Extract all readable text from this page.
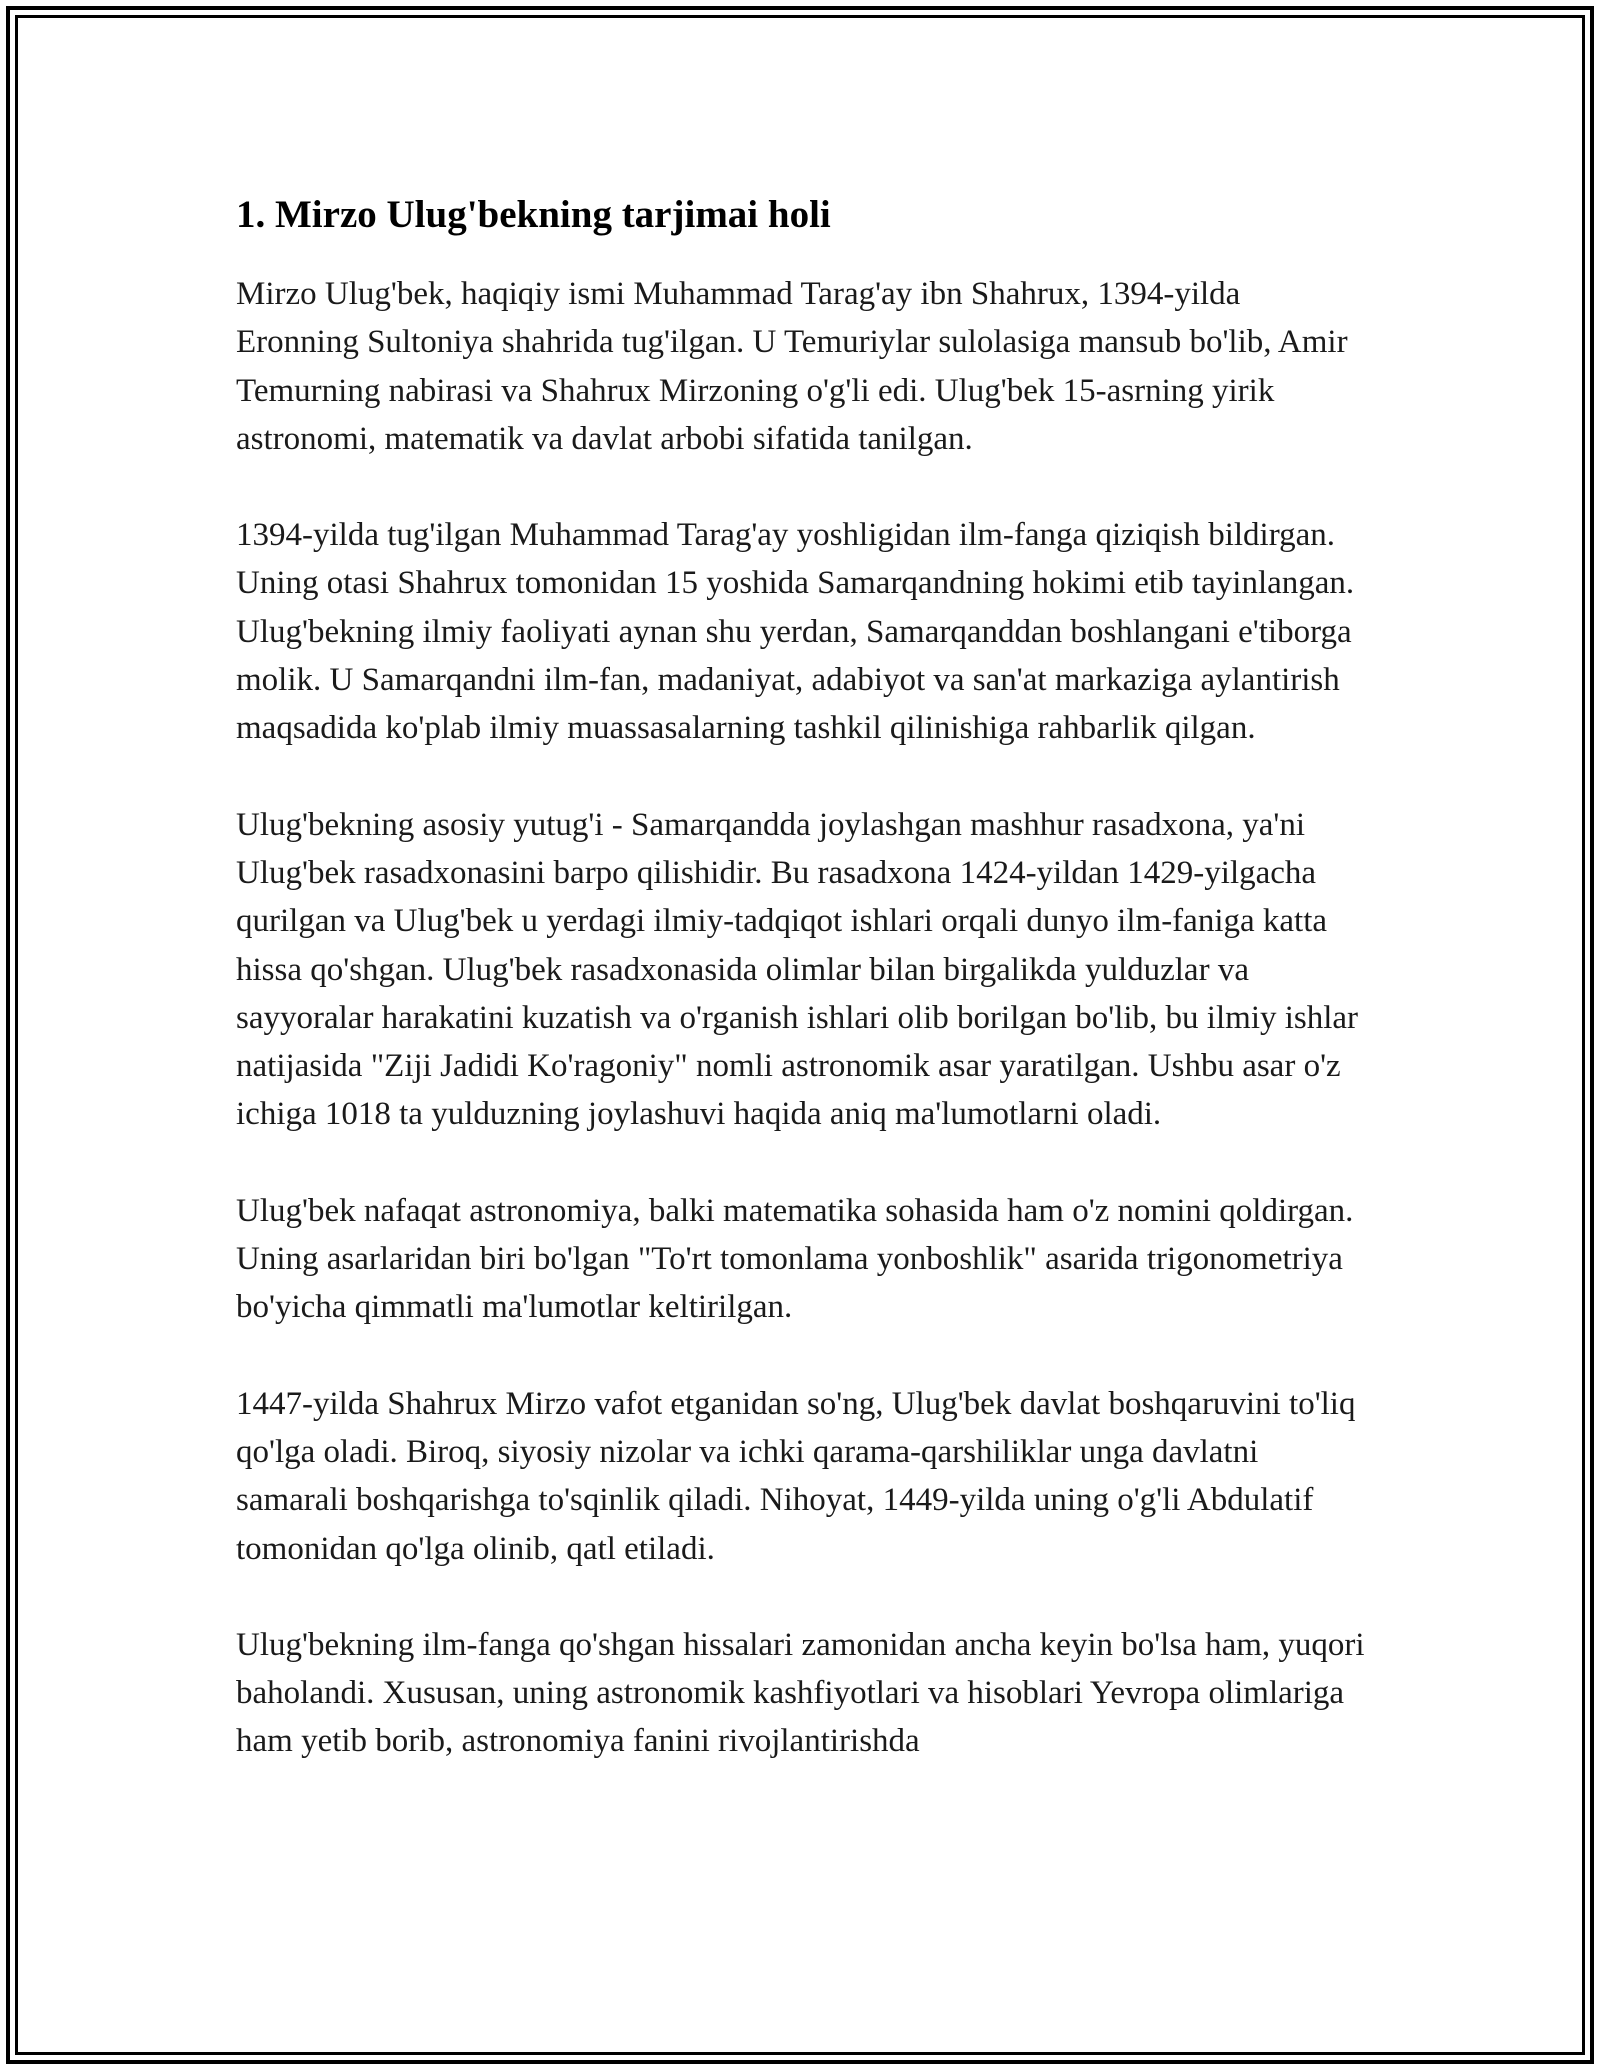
1. Mirzo Ulug'bekning tarjimai holi

Mirzo Ulug'bek, haqiqiy ismi Muhammad Tarag'ay ibn Shahrux, 1394-yilda Eronning Sultoniya shahrida tug'ilgan. U Temuriylar sulolasiga mansub bo'lib, Amir Temurning nabirasi va Shahrux Mirzoning o'g'li edi. Ulug'bek 15-asrning yirik astronomi, matematik va davlat arbobi sifatida tanilgan.

1394-yilda tug'ilgan Muhammad Tarag'ay yoshligidan ilm-fanga qiziqish bildirgan. Uning otasi Shahrux tomonidan 15 yoshida Samarqandning hokimi etib tayinlangan. Ulug'bekning ilmiy faoliyati aynan shu yerdan, Samarqanddan boshlangani e'tiborga molik. U Samarqandni ilm-fan, madaniyat, adabiyot va san'at markaziga aylantirish maqsadida ko'plab ilmiy muassasalarning tashkil qilinishiga rahbarlik qilgan.

Ulug'bekning asosiy yutug'i - Samarqandda joylashgan mashhur rasadxona, ya'ni Ulug'bek rasadxonasini barpo qilishidir. Bu rasadxona 1424-yildan 1429-yilgacha qurilgan va Ulug'bek u yerdagi ilmiy-tadqiqot ishlari orqali dunyo ilm-faniga katta hissa qo'shgan. Ulug'bek rasadxonasida olimlar bilan birgalikda yulduzlar va sayyoralar harakatini kuzatish va o'rganish ishlari olib borilgan bo'lib, bu ilmiy ishlar natijasida "Ziji Jadidi Ko'ragoniy" nomli astronomik asar yaratilgan. Ushbu asar o'z ichiga 1018 ta yulduzning joylashuvi haqida aniq ma'lumotlarni oladi.

Ulug'bek nafaqat astronomiya, balki matematika sohasida ham o'z nomini qoldirgan. Uning asarlaridan biri bo'lgan "To'rt tomonlama yonboshlik" asarida trigonometriya bo'yicha qimmatli ma'lumotlar keltirilgan.

1447-yilda Shahrux Mirzo vafot etganidan so'ng, Ulug'bek davlat boshqaruvini to'liq qo'lga oladi. Biroq, siyosiy nizolar va ichki qarama-qarshiliklar unga davlatni samarali boshqarishga to'sqinlik qiladi. Nihoyat, 1449-yilda uning o'g'li Abdulatif tomonidan qo'lga olinib, qatl etiladi.

Ulug'bekning ilm-fanga qo'shgan hissalari zamonidan ancha keyin bo'lsa ham, yuqori baholandi. Xususan, uning astronomik kashfiyotlari va hisoblari Yevropa olimlariga ham yetib borib, astronomiya fanini rivojlantirishda
